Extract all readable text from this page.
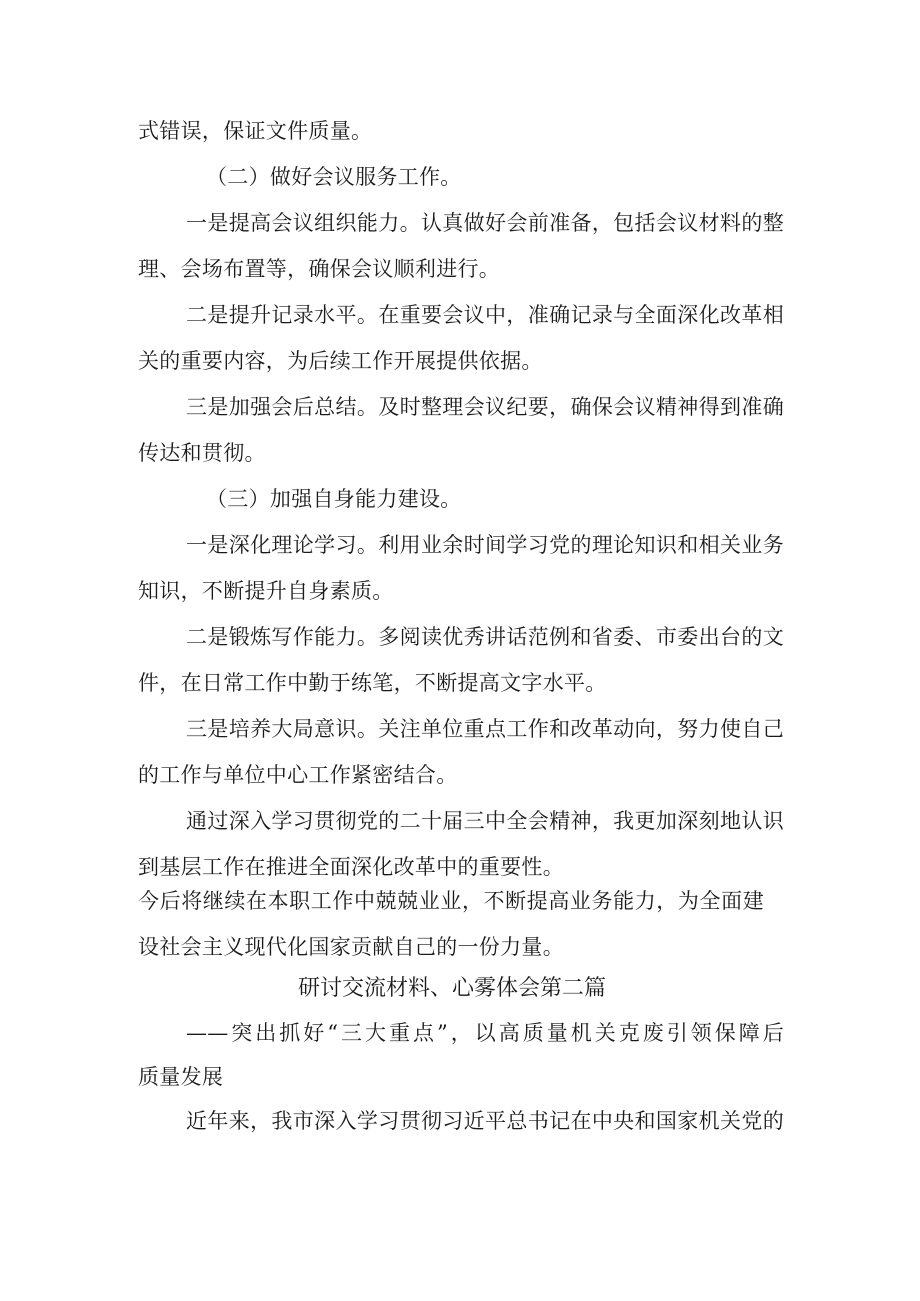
式错误，保证文件质量。
（二）做好会议服务工作。
一是提高会议组织能力。认真做好会前准备，包括会议材料的整
理、会场布置等，确保会议顺利进行。
二是提升记录水平。在重要会议中，准确记录与全面深化改革相
关的重要内容，为后续工作开展提供依据。
三是加强会后总结。及时整理会议纪要，确保会议精神得到准确
传达和贯彻。
（三）加强自身能力建设。
一是深化理论学习。利用业余时间学习党的理论知识和相关业务
知识，不断提升自身素质。
二是锻炼写作能力。多阅读优秀讲话范例和省委、市委出台的文
件，在日常工作中勤于练笔，不断提高文字水平。
三是培养大局意识。关注单位重点工作和改革动向，努力使自己
的工作与单位中心工作紧密结合。
通过深入学习贯彻党的二十届三中全会精神，我更加深刻地认识
到基层工作在推进全面深化改革中的重要性。
今后将继续在本职工作中兢兢业业，不断提高业务能力，为全面建
设社会主义现代化国家贡献自己的一份力量。
研讨交流材料、心雾体会第二篇
——突出抓好“三大重点”，以高质量机关克废引领保障后
质量发展
近年来，我市深入学习贯彻习近平总书记在中央和国家机关党的
